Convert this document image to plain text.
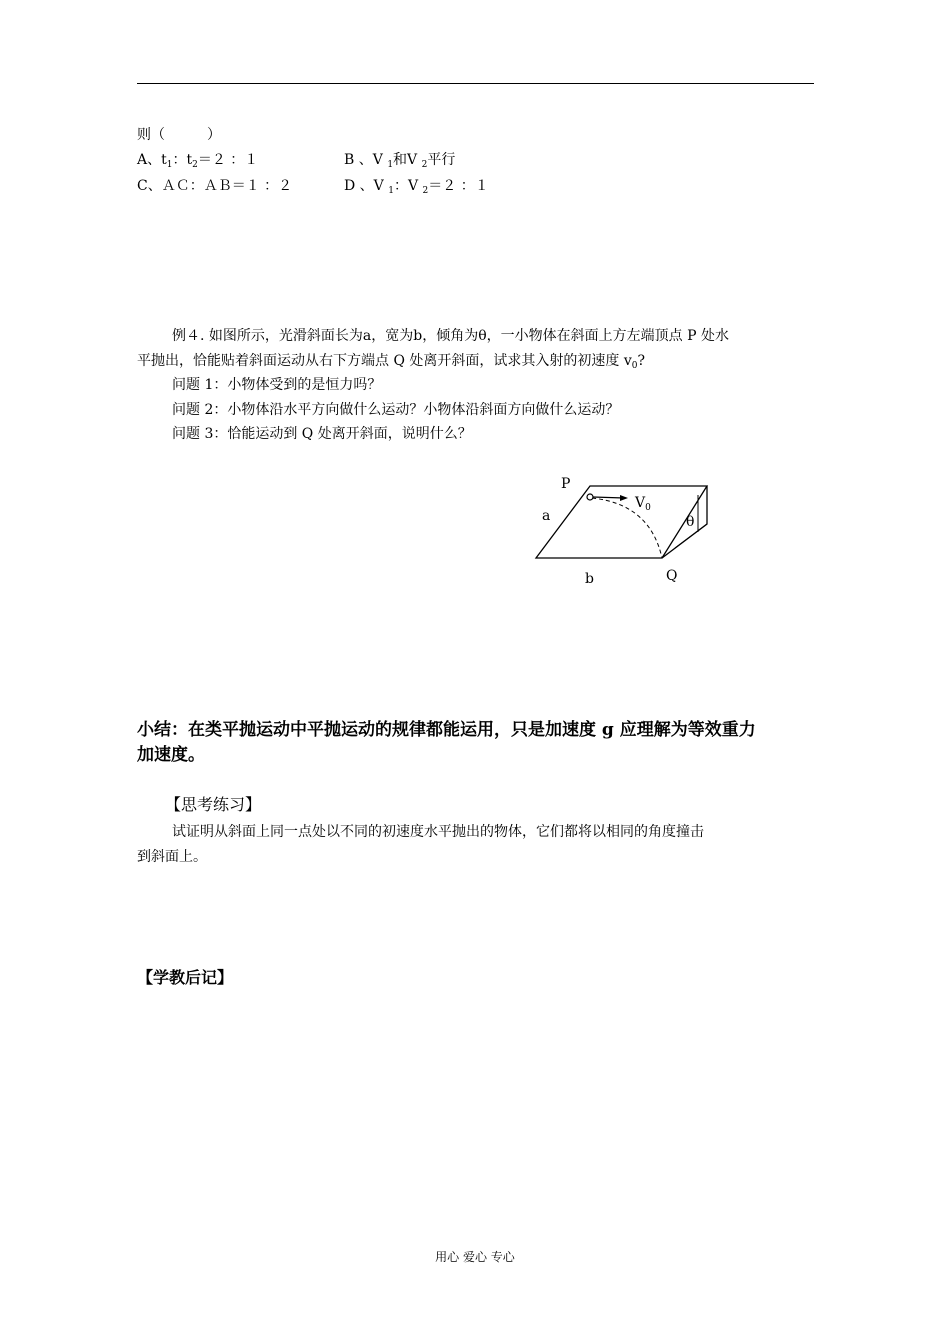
则（　　　）
A、$t_1$：$t_2=2$ ：１	B 、V $_1$和V $_2$平行
C、ＡＣ：ＡＢ＝１ ：２	D 、V $_1$：V $_2$＝２ ：１
例４. 如图所示，光滑斜面长为a，宽为b，倾角为θ，一小物体在斜面上方左端顶点 P 处水
平抛出，恰能贴着斜面运动从右下方端点 Q 处离开斜面，试求其入射的初速度 $v_0$?
问题 1：小物体受到的是恒力吗？
问题 2：小物体沿水平方向做什么运动？小物体沿斜面方向做什么运动？
问题 3：恰能运动到 Q 处离开斜面，说明什么？
P
$V_0$
a
b	Q
θ
小结：在类平抛运动中平抛运动的规律都能运用，只是加速度 g 应理解为等效重力
加速度。
【思考练习】
试证明从斜面上同一点处以不同的初速度水平抛出的物体，它们都将以相同的角度撞击
到斜面上。
【学教后记】
用心 爱心 专心
